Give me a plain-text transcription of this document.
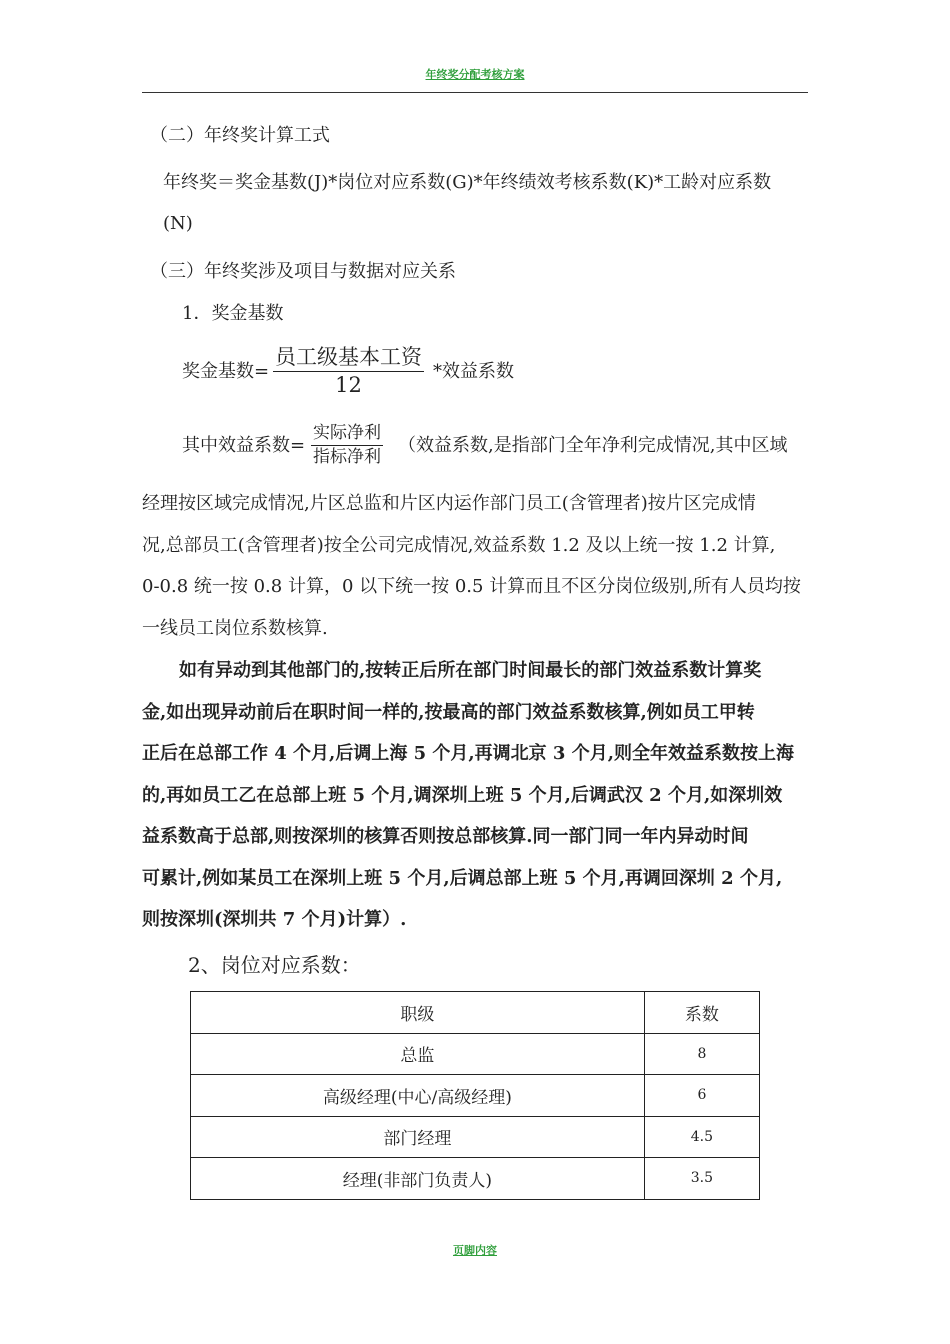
年终奖分配考核方案
（二）年终奖计算工式
年终奖＝奖金基数(J)*岗位对应系数(G)*年终绩效考核系数(K)*工龄对应系数
(N)
（三）年终奖涉及项目与数据对应关系
1．奖金基数
奖金基数=
员工级基本工资
12
*效益系数
其中效益系数=
实际净利
指标净利
（效益系数,是指部门全年净利完成情况,其中区域

经理按区域完成情况,片区总监和片区内运作部门员工(含管理者)按片区完成情

况,总部员工(含管理者)按全公司完成情况,效益系数 1.2 及以上统一按 1.2 计算,

0-0.8 统一按 0.8 计算，0 以下统一按 0.5 计算而且不区分岗位级别,所有人员均按

一线员工岗位系数核算.

如有异动到其他部门的,按转正后所在部门时间最长的部门效益系数计算奖

金,如出现异动前后在职时间一样的,按最高的部门效益系数核算,例如员工甲转

正后在总部工作 4 个月,后调上海 5 个月,再调北京 3 个月,则全年效益系数按上海

的,再如员工乙在总部上班 5 个月,调深圳上班 5 个月,后调武汉 2 个月,如深圳效

益系数高于总部,则按深圳的核算否则按总部核算.同一部门同一年内异动时间

可累计,例如某员工在深圳上班 5 个月,后调总部上班 5 个月,再调回深圳 2 个月,

则按深圳(深圳共 7 个月)计算）.

2、岗位对应系数：
职级	系数
总监	8
高级经理(中心/高级经理)	6
部门经理	4.5
经理(非部门负责人)	3.5
页脚内容
